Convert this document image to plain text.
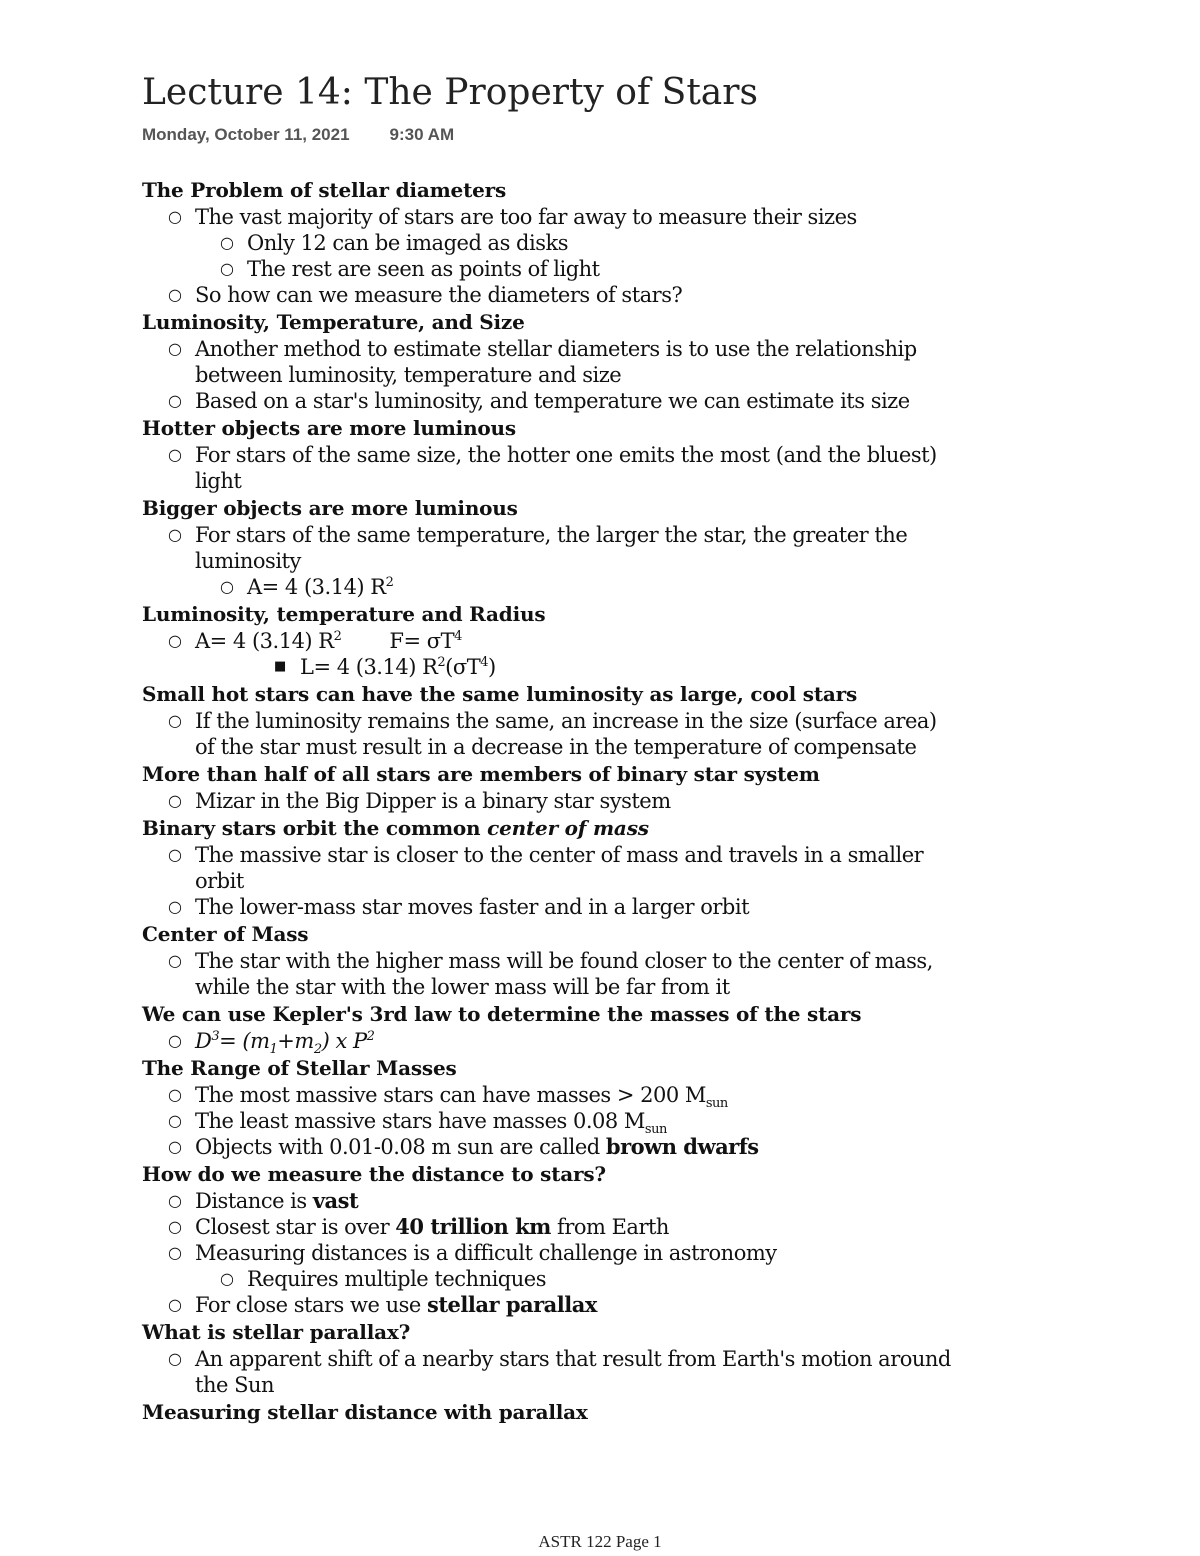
Lecture 14: The Property of Stars
Monday, October 11, 2021 9:30 AM
The Problem of stellar diameters
○ The vast majority of stars are too far away to measure their sizes
○ Only 12 can be imaged as disks
○ The rest are seen as points of light
○ So how can we measure the diameters of stars?
Luminosity, Temperature, and Size
○ Another method to estimate stellar diameters is to use the relationship
between luminosity, temperature and size
○ Based on a star's luminosity, and temperature we can estimate its size
Hotter objects are more luminous
○ For stars of the same size, the hotter one emits the most (and the bluest)
light
Bigger objects are more luminous
○ For stars of the same temperature, the larger the star, the greater the
luminosity
○ A= 4 (3.14) $R^2$
Luminosity, temperature and Radius
○ A= 4 (3.14) $R^2$ $F= \sigma T^4$
■ L= 4 (3.14) $R^2(\sigma T^4)$
Small hot stars can have the same luminosity as large, cool stars
○ If the luminosity remains the same, an increase in the size (surface area)
of the star must result in a decrease in the temperature of compensate
More than half of all stars are members of binary star system
○ Mizar in the Big Dipper is a binary star system
Binary stars orbit the common center of mass
○ The massive star is closer to the center of mass and travels in a smaller
orbit
○ The lower-mass star moves faster and in a larger orbit
Center of Mass
○ The star with the higher mass will be found closer to the center of mass,
while the star with the lower mass will be far from it
We can use Kepler's 3rd law to determine the masses of the stars
○ $D^3= (m_1+m_2)$ x $P^2$
The Range of Stellar Masses
○ The most massive stars can have masses > 200 $M_{sun}$
○ The least massive stars have masses 0.08 $M_{sun}$
○ Objects with 0.01-0.08 m sun are called brown dwarfs
How do we measure the distance to stars?
○ Distance is vast
○ Closest star is over 40 trillion km from Earth
○ Measuring distances is a difficult challenge in astronomy
○ Requires multiple techniques
○ For close stars we use stellar parallax
What is stellar parallax?
○ An apparent shift of a nearby stars that result from Earth's motion around
the Sun
Measuring stellar distance with parallax
ASTR 122 Page 1
